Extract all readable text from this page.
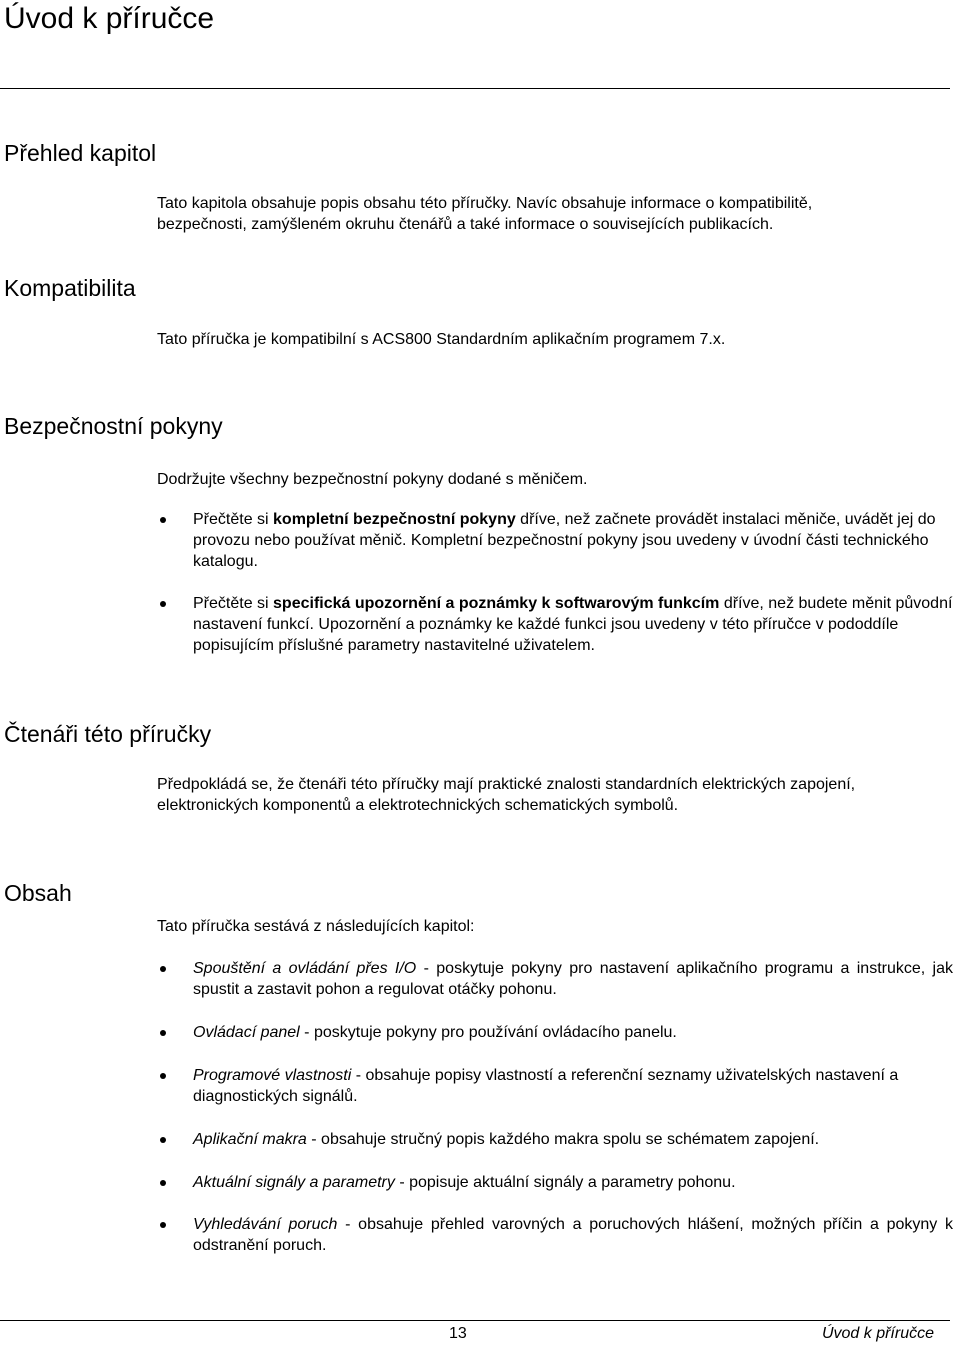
Úvod k příručce
Přehled kapitol
Tato kapitola obsahuje popis obsahu této příručky. Navíc obsahuje informace o kompatibilitě,
bezpečnosti, zamýšleném okruhu čtenářů a také informace o souvisejících publikacích.
Kompatibilita
Tato příručka je kompatibilní s ACS800 Standardním aplikačním programem 7.x.
Bezpečnostní pokyny
Dodržujte všechny bezpečnostní pokyny dodané s měničem.
Přečtěte si kompletní bezpečnostní pokyny dříve, než začnete provádět instalaci měniče, uvádět jej do provozu nebo používat měnič. Kompletní bezpečnostní pokyny jsou uvedeny v úvodní části technického katalogu.
Přečtěte si specifická upozornění a poznámky k softwarovým funkcím dříve, než budete měnit původní nastavení funkcí. Upozornění a poznámky ke každé funkci jsou uvedeny v této příručce v pododdíle popisujícím příslušné parametry nastavitelné uživatelem.
Čtenáři této příručky
Předpokládá se, že čtenáři této příručky mají praktické znalosti standardních elektrických zapojení, elektronických komponentů a elektrotechnických schematických symbolů.
Obsah
Tato příručka sestává z následujících kapitol:
Spouštění a ovládání přes I/O - poskytuje pokyny pro nastavení aplikačního programu a instrukce, jak spustit a zastavit pohon a regulovat otáčky pohonu.
Ovládací panel - poskytuje pokyny pro používání ovládacího panelu.
Programové vlastnosti - obsahuje popisy vlastností a referenční seznamy uživatelských nastavení a diagnostických signálů.
Aplikační makra - obsahuje stručný popis každého makra spolu se schématem zapojení.
Aktuální signály a parametry - popisuje aktuální signály a parametry pohonu.
Vyhledávání poruch - obsahuje přehled varovných a poruchových hlášení, možných příčin a pokyny k odstranění poruch.
13	Úvod k příručce
